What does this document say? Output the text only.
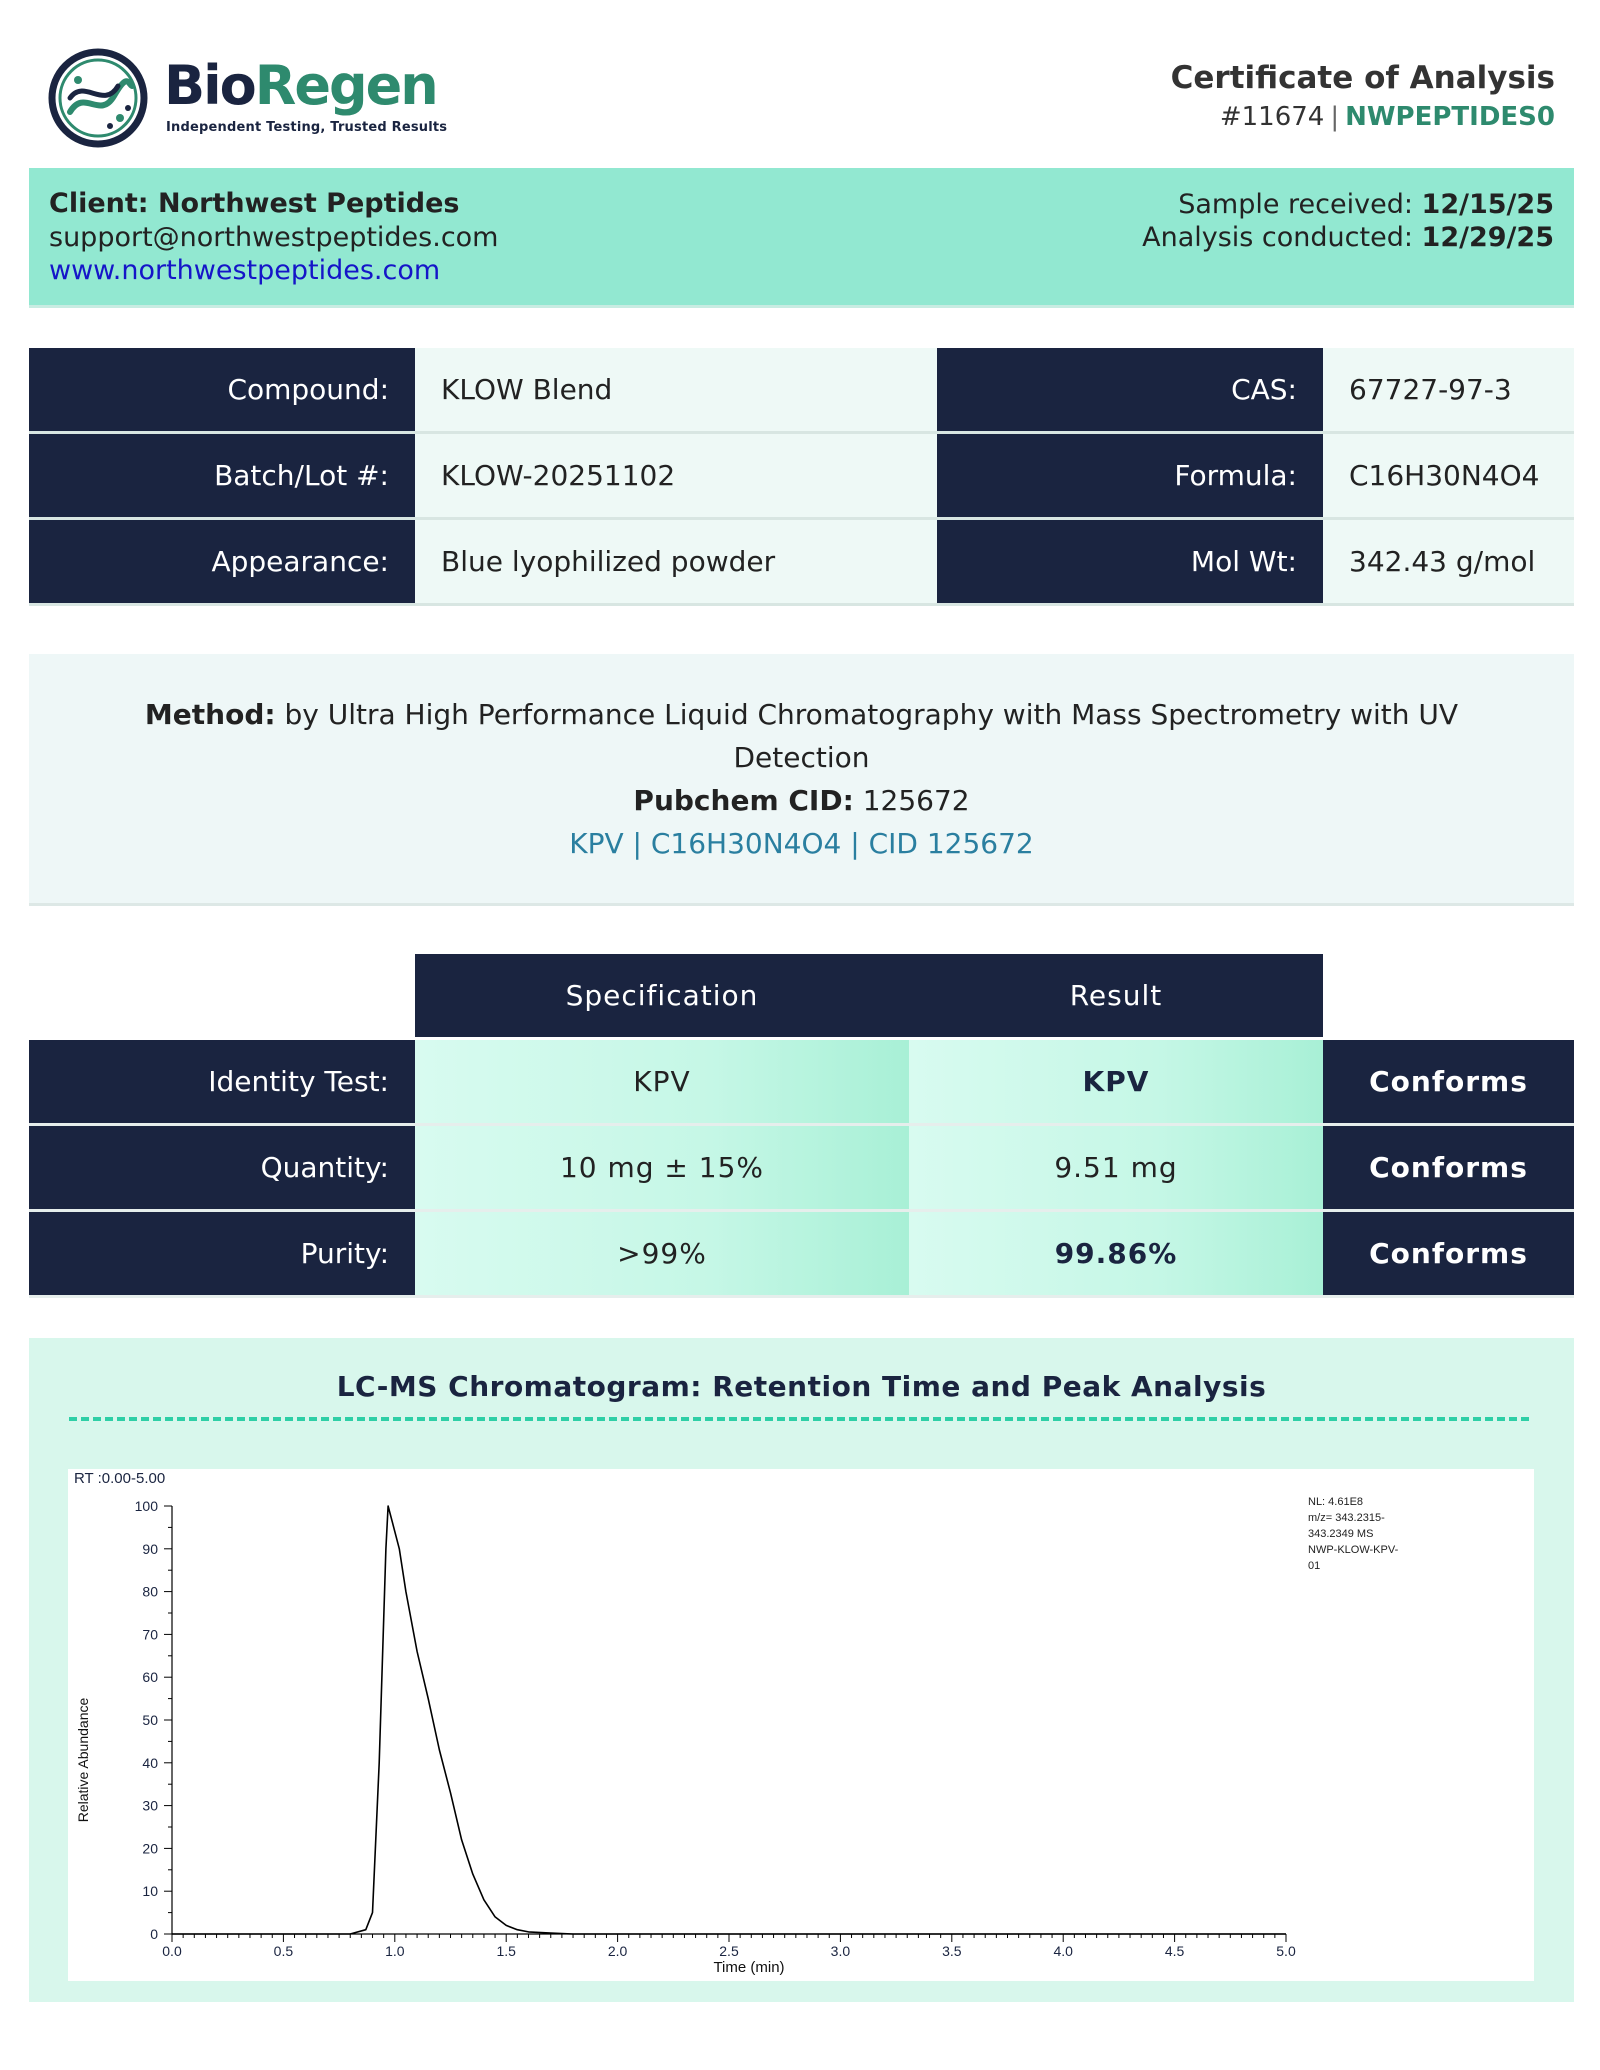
BioRegen
Independent Testing, Trusted Results
Certificate of Analysis
#11674 | NWPEPTIDES0
Client: Northwest Peptides
support@northwestpeptides.com
www.northwestpeptides.com
Sample received: 12/15/25
Analysis conducted: 12/29/25
Compound:	KLOW Blend	CAS:	67727-97-3
Batch/Lot #:	KLOW-20251102	Formula:	C16H30N4O4
Appearance:	Blue lyophilized powder	Mol Wt:	342.43 g/mol
Method: by Ultra High Performance Liquid Chromatography with Mass Spectrometry with UV
Detection
Pubchem CID: 125672
KPV | C16H30N4O4 | CID 125672
Specification	Result
Identity Test:	KPV	KPV	Conforms
Quantity:	10 mg ± 15%	9.51 mg	Conforms
Purity:	>99%	99.86%	Conforms
LC-MS Chromatogram: Retention Time and Peak Analysis
0
10
20
30
40
50
60
70
80
90
100
0.0	0.5	1.0	1.5	2.0	2.5	3.0	3.5	4.0	4.5	5.0
Time (min)
Relative Abundance
RT :0.00-5.00
NL: 4.61E8
m/z= 343.2315-
343.2349 MS
NWP-KLOW-KPV-
01
